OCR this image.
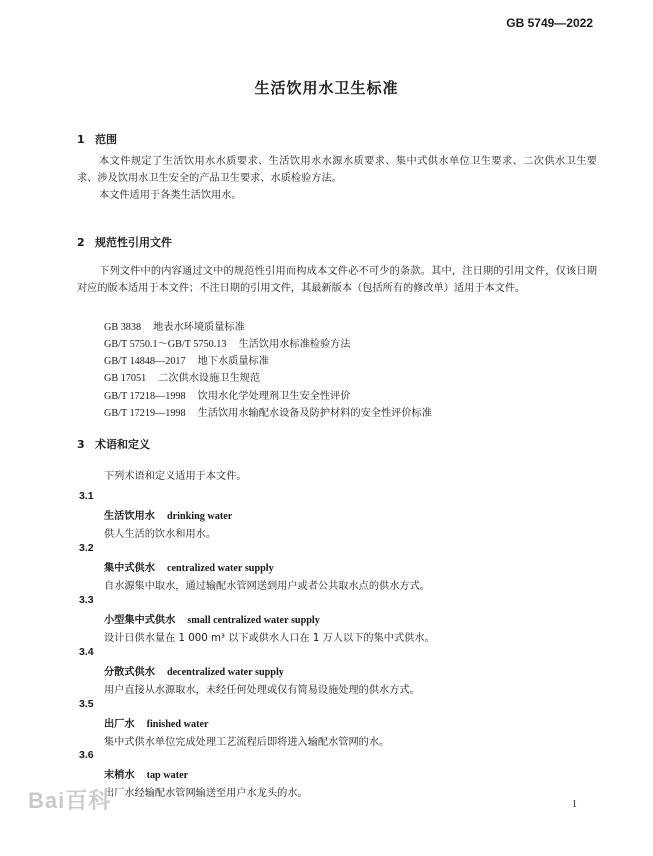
GB 5749—2022
生活饮用水卫生标准
1 范围

本文件规定了生活饮用水水质要求、生活饮用水水源水质要求、集中式供水单位卫生要求、二次供水卫生要求、涉及饮用水卫生安全的产品卫生要求、水质检验方法。

本文件适用于各类生活饮用水。

2 规范性引用文件

下列文件中的内容通过文中的规范性引用而构成本文件必不可少的条款。其中，注日期的引用文件，仅该日期对应的版本适用于本文件；不注日期的引用文件，其最新版本（包括所有的修改单）适用于本文件。

GB 3838 地表水环境质量标准
GB/T 5750.1～GB/T 5750.13 生活饮用水标准检验方法
GB/T 14848—2017 地下水质量标准
GB 17051 二次供水设施卫生规范
GB/T 17218—1998 饮用水化学处理剂卫生安全性评价
GB/T 17219—1998 生活饮用水输配水设备及防护材料的安全性评价标准
3 术语和定义
下列术语和定义适用于本文件。
3.1
生活饮用水 drinking water
供人生活的饮水和用水。
3.2
集中式供水 centralized water supply
自水源集中取水，通过输配水管网送到用户或者公共取水点的供水方式。
3.3
小型集中式供水 small centralized water supply
设计日供水量在 1 000 m³ 以下或供水人口在 1 万人以下的集中式供水。
3.4
分散式供水 decentralized water supply
用户直接从水源取水，未经任何处理或仅有简易设施处理的供水方式。
3.5
出厂水 finished water
集中式供水单位完成处理工艺流程后即将进入输配水管网的水。
3.6
末梢水 tap water
出厂水经输配水管网输送至用户水龙头的水。
Bai百科	1
